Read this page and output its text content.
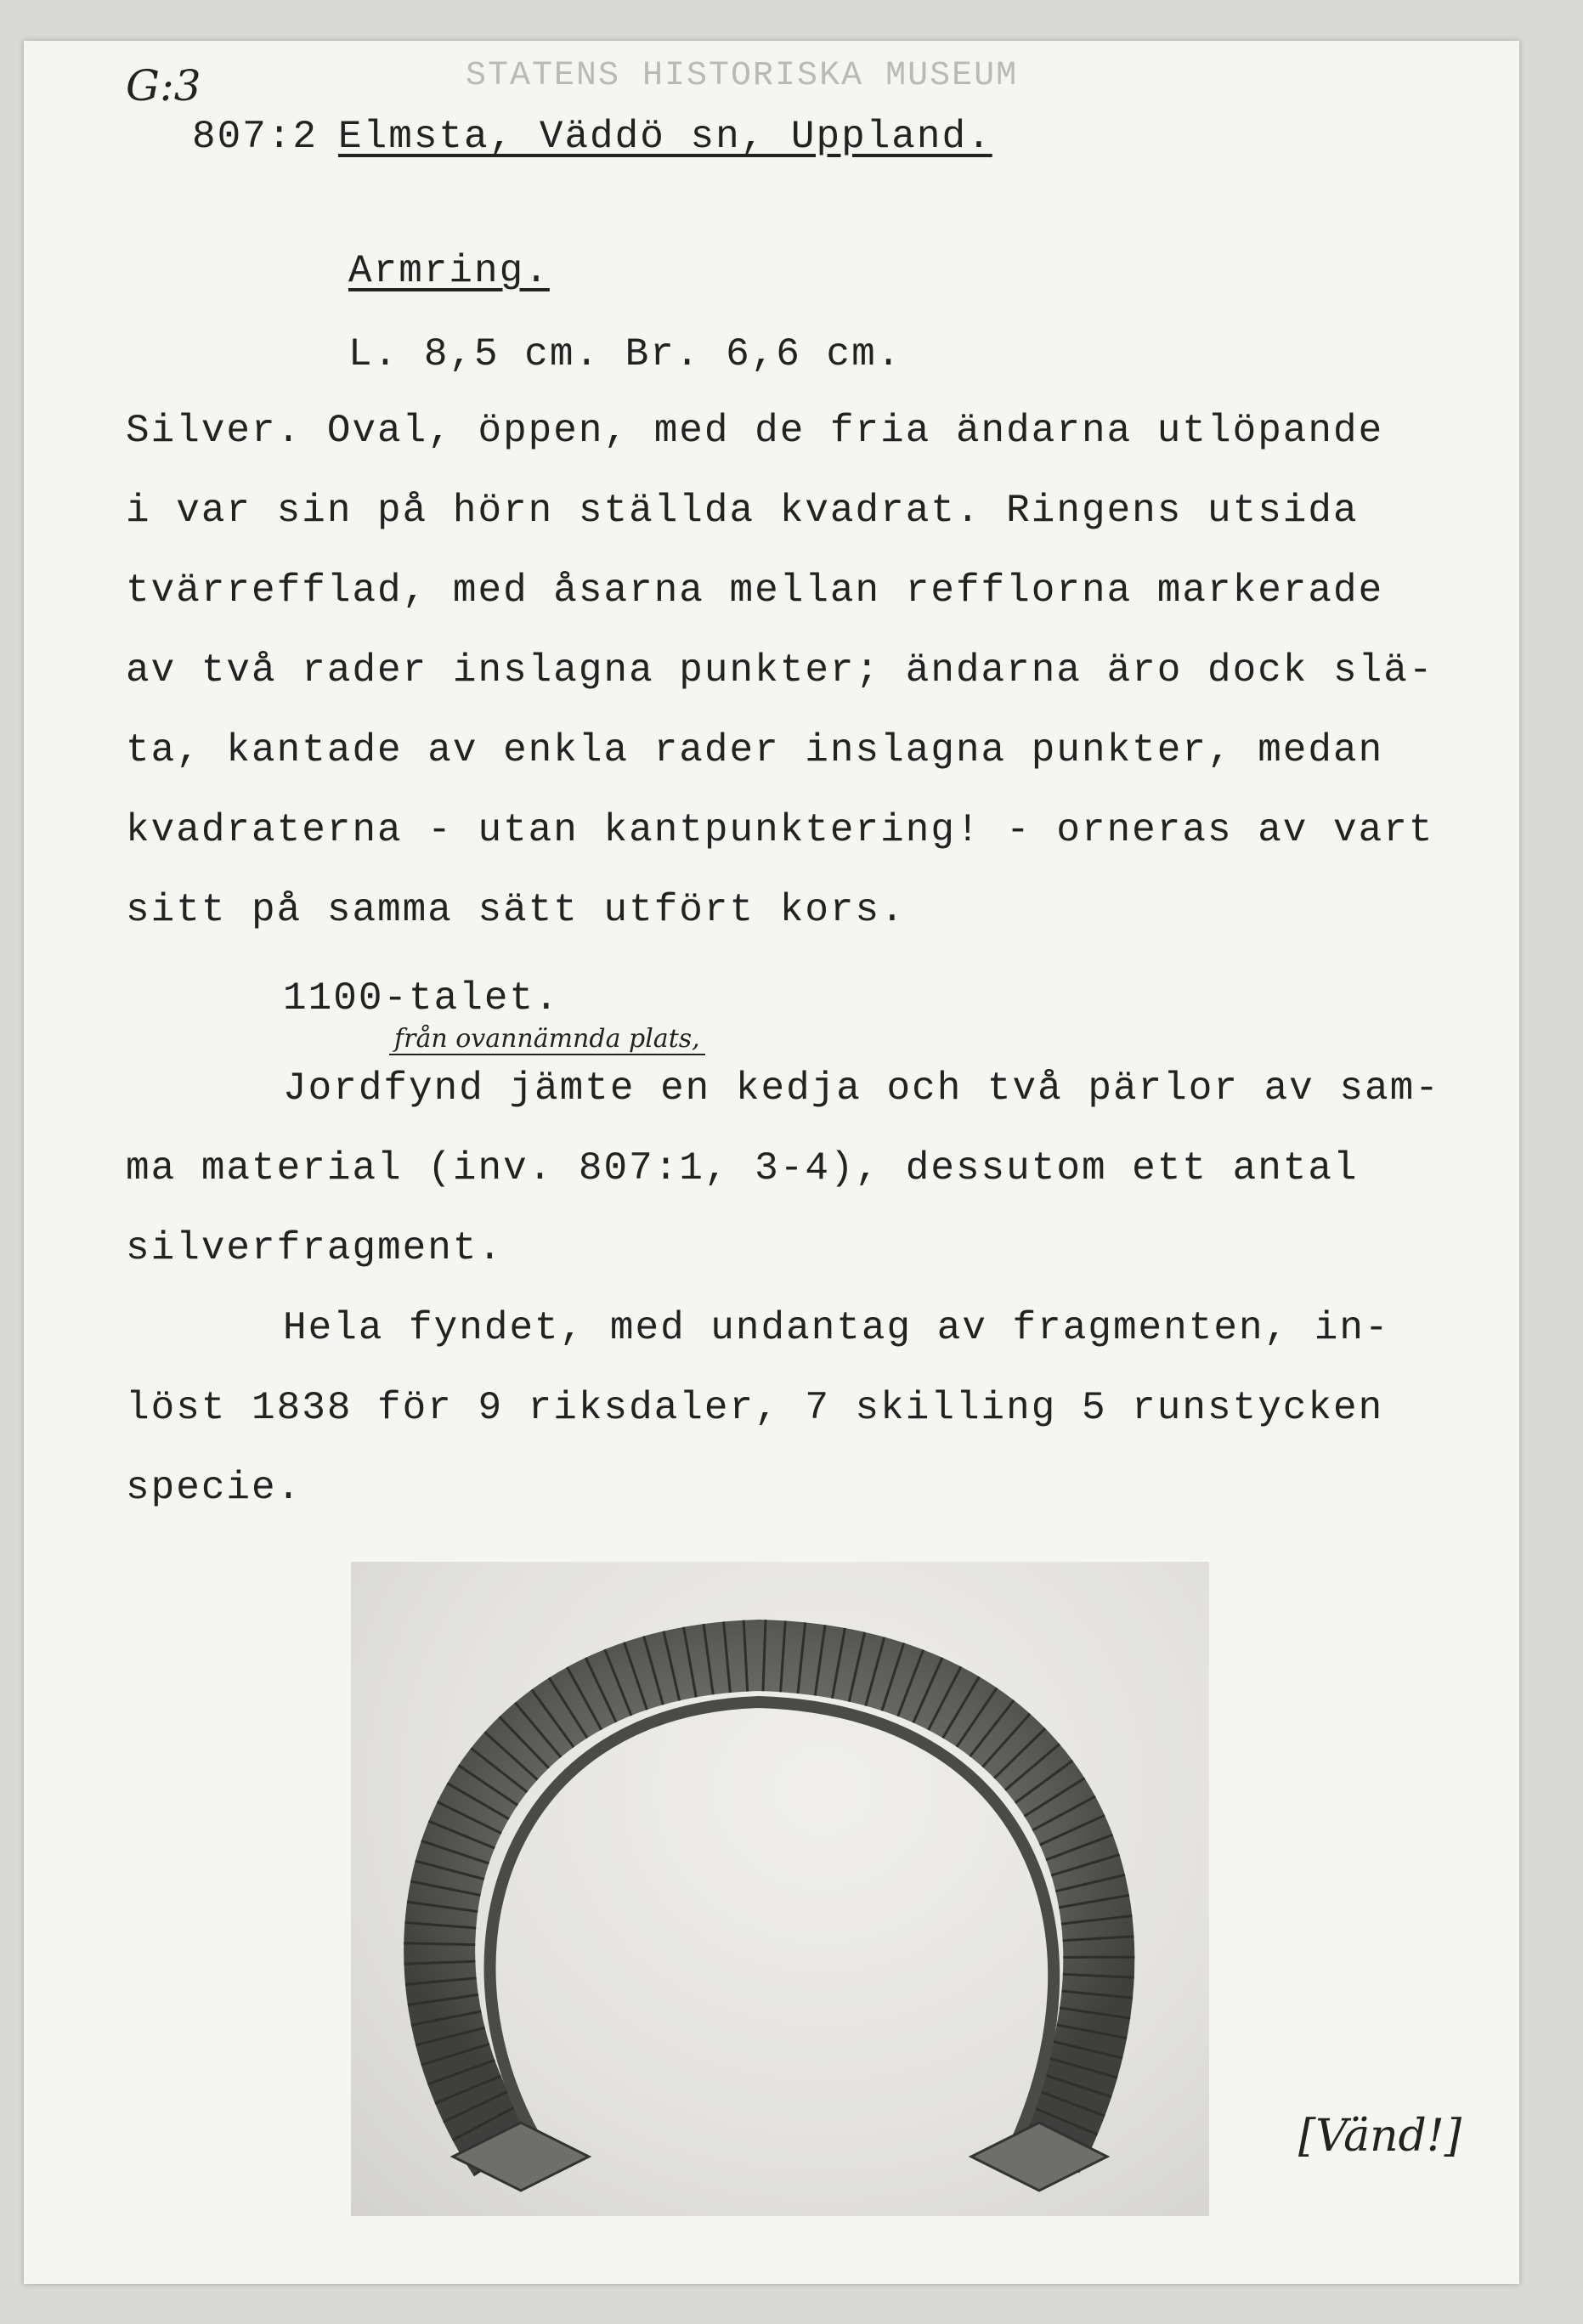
G:3	STATENS HISTORISKA MUSEUM
807:2 Elmsta, Väddö sn, Uppland.
Armring.
L. 8,5 cm. Br. 6,6 cm.
Silver. Oval, öppen, med de fria ändarna utlöpande
i var sin på hörn ställda kvadrat. Ringens utsida
tvärrefflad, med åsarna mellan refflorna markerade
av två rader inslagna punkter; ändarna äro dock slä-
ta, kantade av enkla rader inslagna punkter, medan
kvadraterna - utan kantpunktering! - orneras av vart
sitt på samma sätt utfört kors.
1100-talet.
från ovannämnda plats,
Jordfynd jämte en kedja och två pärlor av sam-
ma material (inv. 807:1, 3-4), dessutom ett antal
silverfragment.
Hela fyndet, med undantag av fragmenten, in-
löst 1838 för 9 riksdaler, 7 skilling 5 runstycken
specie.
[Vänd!]
